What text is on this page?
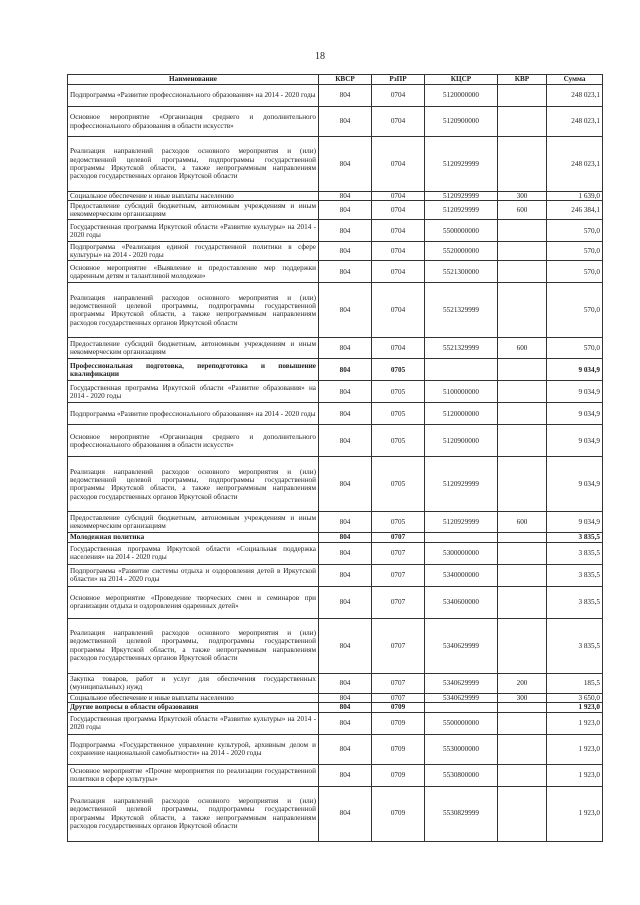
18
Наименование	КВСР	РзПР	КЦСР	КВР	Сумма
Подпрограмма «Развитие профессионального образования» на 2014 - 2020 годы	804	0704	5120000000		248 023,1
Основное мероприятие «Организация среднего и дополнительного профессионального образования в области искусств»	804	0704	5120900000		248 023,1
Реализация направлений расходов основного мероприятия и (или) ведомственной целевой программы, подпрограммы государственной программы Иркутской области, а также непрограммным направлениям расходов государственных органов Иркутской области	804	0704	5120929999		248 023,1
Социальное обеспечение и иные выплаты населению	804	0704	5120929999	300	1 639,0
Предоставление субсидий бюджетным, автономным учреждениям и иным некоммерческим организациям	804	0704	5120929999	600	246 384,1
Государственная программа Иркутской области «Развитие культуры» на 2014 - 2020 годы	804	0704	5500000000		570,0
Подпрограмма «Реализация единой государственной политики в сфере культуры» на 2014 - 2020 годы	804	0704	5520000000		570,0
Основное мероприятие «Выявление и предоставление мер поддержки одаренным детям и талантливой молодежи»	804	0704	5521300000		570,0
Реализация направлений расходов основного мероприятия и (или) ведомственной целевой программы, подпрограммы государственной программы Иркутской области, а также непрограммным направлениям расходов государственных органов Иркутской области	804	0704	5521329999		570,0
Предоставление субсидий бюджетным, автономным учреждениям и иным некоммерческим организациям	804	0704	5521329999	600	570,0
Профессиональная подготовка, переподготовка и повышение квалификации	804	0705			9 034,9
Государственная программа Иркутской области «Развитие образования» на 2014 - 2020 годы	804	0705	5100000000		9 034,9
Подпрограмма «Развитие профессионального образования» на 2014 - 2020 годы	804	0705	5120000000		9 034,9
Основное мероприятие «Организация среднего и дополнительного профессионального образования в области искусств»	804	0705	5120900000		9 034,9
Реализация направлений расходов основного мероприятия и (или) ведомственной целевой программы, подпрограммы государственной программы Иркутской области, а также непрограммным направлениям расходов государственных органов Иркутской области	804	0705	5120929999		9 034,9
Предоставление субсидий бюджетным, автономным учреждениям и иным некоммерческим организациям	804	0705	5120929999	600	9 034,9
Молодежная политика	804	0707			3 835,5
Государственная программа Иркутской области «Социальная поддержка населения» на 2014 - 2020 годы	804	0707	5300000000		3 835,5
Подпрограмма «Развитие системы отдыха и оздоровления детей в Иркутской области» на 2014 - 2020 годы	804	0707	5340000000		3 835,5
Основное мероприятие «Проведение творческих смен и семинаров при организации отдыха и оздоровления одаренных детей»	804	0707	5340600000		3 835,5
Реализация направлений расходов основного мероприятия и (или) ведомственной целевой программы, подпрограммы государственной программы Иркутской области, а также непрограммным направлениям расходов государственных органов Иркутской области	804	0707	5340629999		3 835,5
Закупка товаров, работ и услуг для обеспечения государственных (муниципальных) нужд	804	0707	5340629999	200	185,5
Социальное обеспечение и иные выплаты населению	804	0707	5340629999	300	3 650,0
Другие вопросы в области образования	804	0709			1 923,0
Государственная программа Иркутской области «Развитие культуры» на 2014 - 2020 годы	804	0709	5500000000		1 923,0
Подпрограмма «Государственное управление культурой, архивным делом и сохранение национальной самобытности» на 2014 - 2020 годы	804	0709	5530000000		1 923,0
Основное мероприятие «Прочие мероприятия по реализации государственной политики в сфере культуры»	804	0709	5530800000		1 923,0
Реализация направлений расходов основного мероприятия и (или) ведомственной целевой программы, подпрограммы государственной программы Иркутской области, а также непрограммным направлениям расходов государственных органов Иркутской области	804	0709	5530829999		1 923,0
